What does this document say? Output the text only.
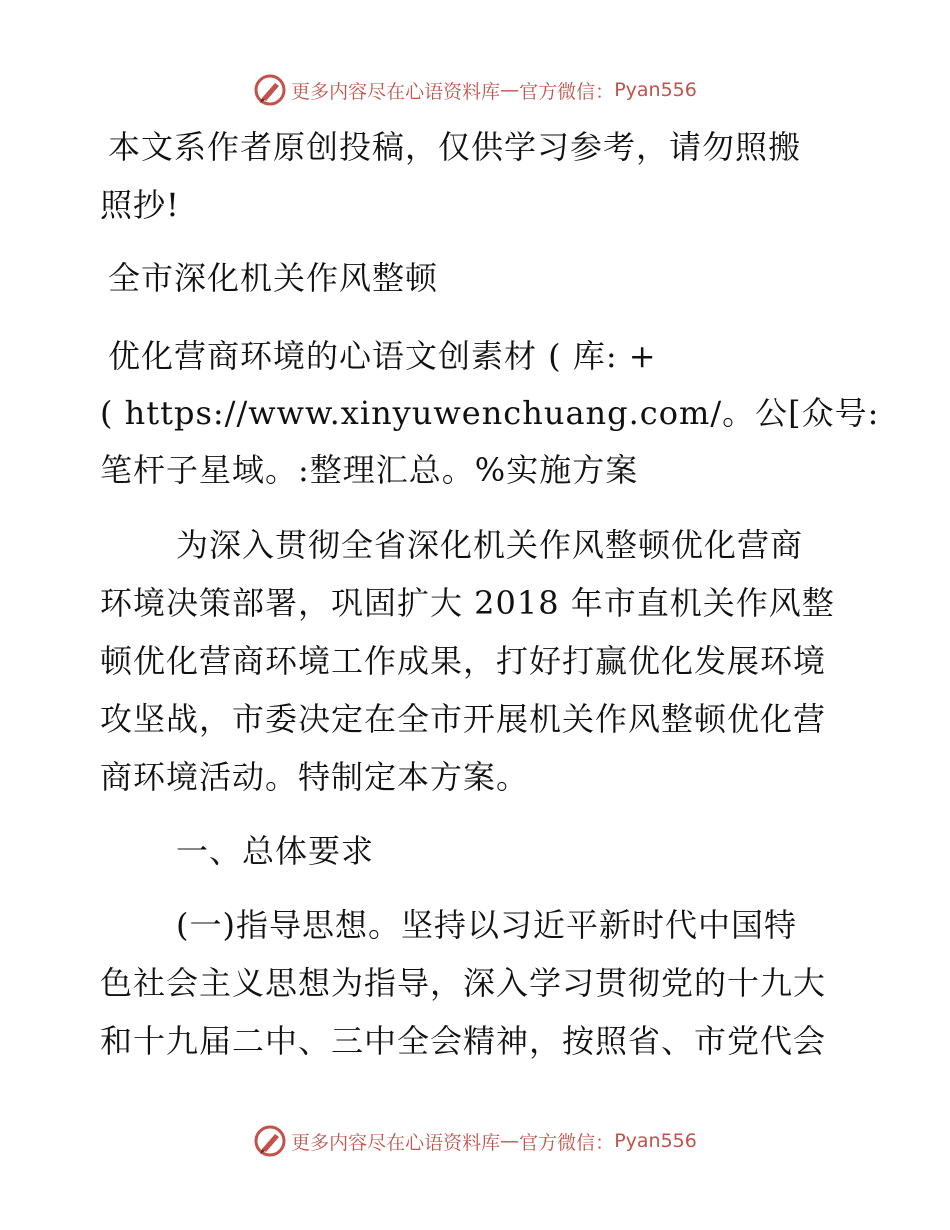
更多内容尽在心语资料库 — 官方微信： Pyan556
本文系作者原创投稿，仅供学习参考，请勿照搬
照抄!
全市深化机关作风整顿
优化营商环境的心语文创素材 ( 库: +
( https://www.xinyuwenchuang.com/。公[众号:
笔杆子星域。:整理汇总。%实施方案
为深入贯彻全省深化机关作风整顿优化营商
环境决策部署，巩固扩大 2018 年市直机关作风整
顿优化营商环境工作成果，打好打赢优化发展环境
攻坚战，市委决定在全市开展机关作风整顿优化营
商环境活动。特制定本方案。
一、总体要求
(一)指导思想。坚持以习近平新时代中国特
色社会主义思想为指导，深入学习贯彻党的十九大
和十九届二中、三中全会精神，按照省、市党代会
更多内容尽在心语资料库 — 官方微信： Pyan556
